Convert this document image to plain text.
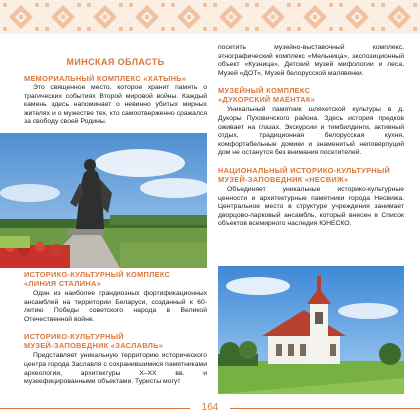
МИНСКАЯ ОБЛАСТЬ
МЕМОРИАЛЬНЫЙ КОМПЛЕКС «ХАТЫНЬ»

Это священное место, которое хранит память о трагических событиях Второй мировой войны. Каждый камень здесь напоминает о невинно убитых мирных жителях и о мужестве тех, кто самоотверженно сражался за свободу своей Родины.

ИСТОРИКО-КУЛЬТУРНЫЙ КОМПЛЕКС
«ЛИНИЯ СТАЛИНА»

Один из наиболее грандиозных фортификационных ансамблей на территории Беларуси, созданный к 60-летию Победы советского народа в Великой Отечественной войне.

ИСТОРИКО-КУЛЬТУРНЫЙ
МУЗЕЙ-ЗАПОВЕДНИК «ЗАСЛАВЛЬ»

Представляет уникальную территорию исторического центра города Заславля с сохранившимися памятниками археологии, архитектуры X–XX вв. и музеефицированными объектами. Туристы могут

посетить музейно-выставочный комплекс, этнографический комплекс «Мельница», экспозиционный объект «Кузница», Детский музей мифологии и леса, Музей «ДОТ», Музей белорусской малявянки.

МУЗЕЙНЫЙ КОМПЛЕКС
«ДУКОРСКИЙ МАЁНТАК»

Уникальный памятник шляхетской культуры в д. Дукоры Пуховичского района. Здесь история предков оживает на глазах. Экскурсии и тимбилдинги, активный отдых, традиционная белорусская кухня, комфортабельные домики и знаменитый неповерпуций дом не останутся без внимания посетителей.

НАЦИОНАЛЬНЫЙ ИСТОРИКО-КУЛЬТУРНЫЙ
МУЗЕЙ-ЗАПОВЕДНИК «НЕСВИЖ»

Объединяет уникальные историко-культурные ценности и архитектурные памятники города Несвижа. Центральное место в структуре учреждения занимает дворцово-парковый ансамбль, который внесен в Список объектов всемирного наследия ЮНЕСКО.

164
